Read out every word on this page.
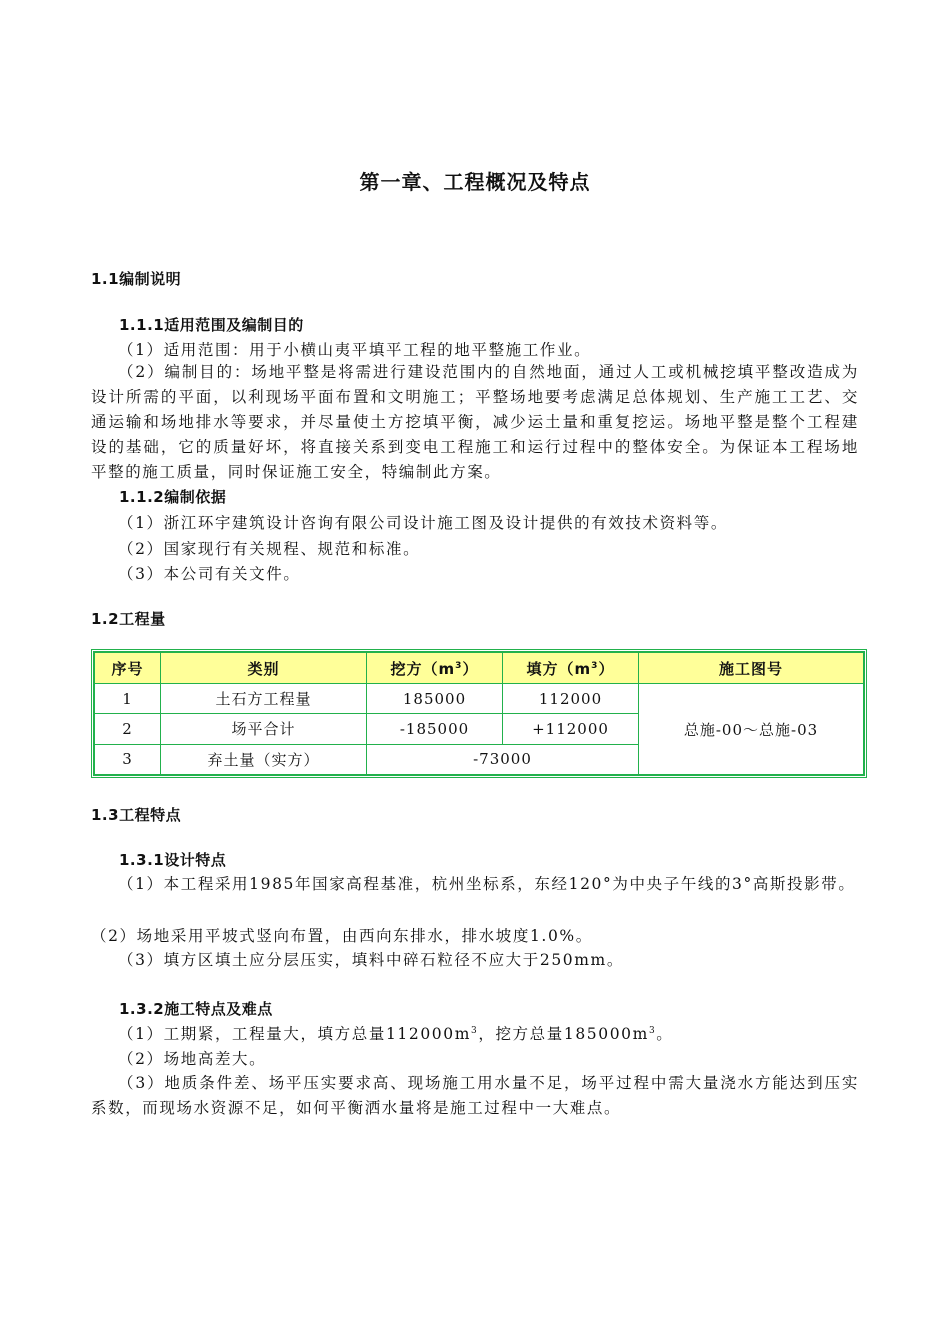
第一章、工程概况及特点
1.1编制说明
1.1.1适用范围及编制目的
（1）适用范围：用于小横山夷平填平工程的地平整施工作业。
（2）编制目的：场地平整是将需进行建设范围内的自然地面，通过人工或机械挖填平整改造成为设计所需的平面，以利现场平面布置和文明施工；平整场地要考虑满足总体规划、生产施工工艺、交通运输和场地排水等要求，并尽量使土方挖填平衡，减少运土量和重复挖运。场地平整是整个工程建设的基础，它的质量好坏，将直接关系到变电工程施工和运行过程中的整体安全。为保证本工程场地平整的施工质量，同时保证施工安全，特编制此方案。
1.1.2编制依据
（1）浙江环宇建筑设计咨询有限公司设计施工图及设计提供的有效技术资料等。
（2）国家现行有关规程、规范和标准。
（3）本公司有关文件。
1.2工程量
序号	类别	挖方$(m^3)$	填方$(m^3)$	施工图号
1	土石方工程量	185000	112000	总施-00～总施-03
2	场平合计	-185000	+112000	
3	弃土量（实方）	-73000		
1.3工程特点
1.3.1设计特点
（1）本工程采用1985年国家高程基准，杭州坐标系，东经120°为中央子午线的3°高斯投影带。
（2）场地采用平坡式竖向布置，由西向东排水，排水坡度1.0%。
（3）填方区填土应分层压实，填料中碎石粒径不应大于250mm。
1.3.2施工特点及难点
（1）工期紧，工程量大，填方总量$112000m^3$，挖方总量$185000m^3$。
（2）场地高差大。
（3）地质条件差、场平压实要求高、现场施工用水量不足，场平过程中需大量浇水方能达到压实系数，而现场水资源不足，如何平衡洒水量将是施工过程中一大难点。
